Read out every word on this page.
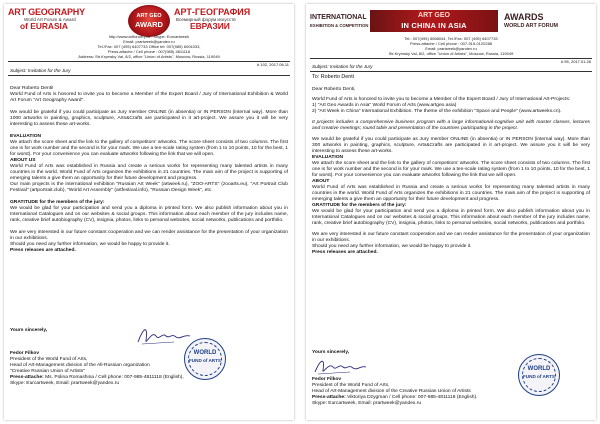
ART GEOGRAPHY
World Art Forum & Award
of EURASIA
ART GEO
AWARD
АРТ-ГЕОГРАФИЯ
Всемирный форум искусств
ЕВРАЗИИ
http://www.artforum.pro , Skype: Eurcartweek
Email: prartweek@yandex.ru
Tel./Fax: 007 (495) 6407733 Office tel: 007(985) 6004333,
Press-attache / Cell phone : 007(985) 4811118
Address: Str.Krymsky Val, 8/2, office "Union of Artists", Moscow, Russia, 119049
# 102, 2017.06.11
Subject: Invitation for the Jury

Dear Roberto Denti!

World Fund of Arts is honored to invite you to become a Member of the Expert Board / Jury of International Exhibition & World Art Forum "Art Geography Award".

We would be grateful if you could participate as Jury member ONLINE (in absentia) or IN PERSON (internal way). More than 1000 artworks in painting, graphics, sculpture, Arts&Crafts are participated in it art-project. We assure you it will be very interesting to assess these art-works.

EVALUATION

We attach the score sheet and the link to the gallery of competitors' artworks. The score sheet consists of two columns. The first one is for work number and the second is for your mark. We use a ten-scale rating system (from 1 to 10 points, 10 for the best, 1 for worst). For your convenience you can evaluate artworks following the link that we will open.

ABOUT US

World Fund of Arts was established in Russia and create a serious works for representing many talented artists in many countries in the world. World Fund of Arts organizes the exhibitions in 21 countries. The main aim of the project is supporting of emerging talents a give them an opportunity for their future development and progress.

Our main projects is the international exhibition "Russian Art Week" (artweek.ru), "ZOO-ARTS" (zooarts.eu), "Art Portrait Club Festival" (artportrait.club), "World Art Assembly" (artfestival.info), "Russian Design Week", etc.

GRATITUDE for the members of the jury:

We would be glad for your participation and send you a diploma in printed form. We also publish information about you in International Catalogues and on our websites & social groups. This information about each member of the jury includes name, rank, creative brief autobiography (CV), insignia, photos, links to personal websites, social networks, publications and portfolio.

We are very interested in our future constant cooperation and we can render assistance for the presentation of your organization in our exhibitions.

Should you need any further information, we would be happy to provide it.

Press releases are attached.

Yours sincerely,
WORLD
FUND of ARTS

Fedor Filkov

President of the World Fund of Arts,

Head of Art-Management division of the All-Russian organization

"Creative Russian Union of Artists"

Press-attache: Ms. Polina Romashina / Cell phone: 007-985-4811118 (English),

Skype: Eurcartweek, Email: prartweek@yandex.ru

INTERNATIONAL
EXHIBITION & COMPETITION
ART GEO
IN CHINA IN ASIA
AWARDS
WORLD ART FORUM
Tel.: 007(495) 5068044, Tel./Fax: 007 (495) 6407733
Press-attache / Cell phone : 007-915-0120288
Email: prartweek@yandex.ru
Str.Krymsky Val, 8/2, office "Union of Artists", Moscow, Russia, 119049
# 95, 2017.01.26
Subject: Invitation for the Jury

To: Roberto Denti

Dear Roberto Denti,

World Fund of Arts is honored to invite you to become a Member of the Expert Board / Jury of International Art-Projects:

1) "Art Geo Awards in Asia" World Forum of Arts (www.artgeo.asia)

2) "Art Week in China" International Exhibition. The theme of the exhibition "Space and People" (www.artweeks.cn).

It projects includes a comprehensive business program with a large informational-cognitive unit with master classes, lectures and creative meetings; round table and presentation of the countries participating in the project.

We would be grateful if you could participate as Jury member ONLINE (in absentia) or IN PERSON (internal way). More than 300 artworks in painting, graphics, sculpture, Arts&Crafts are participated in it art-project. We assure you it will be very interesting to assess these art-works.

EVALUATION

We attach the score sheet and the link to the gallery of competitors' artworks. The score sheet consists of two columns. The first one is for work number and the second is for your mark. We use a ten-scale rating system (from 1 to 10 points, 10 for the best, 1 for worst). For your convenience you can evaluate artworks following the link that we will open.

ABOUT

World Fund of Arts was established in Russia and create a serious works for representing many talented artists in many countries in the world. World Fund of Arts organizes the exhibitions in 21 countries. The main aim of the project is supporting of emerging talents a give them an opportunity for their future development and progress.

GRATITUDE for the members of the jury:

We would be glad for your participation and send you a diploma in printed form. We also publish information about you in International Catalogues and on our websites & social groups. This information about each member of the jury includes name, rank, creative brief autobiography (CV), insignia, photos, links to personal websites, social networks, publications and portfolio.

We are very interested in our future constant cooperation and we can render assistance for the presentation of your organization in our exhibitions.

Should you need any further information, we would be happy to provide it.

Press releases are attached.

Yours sincerely,
WORLD
FUND of ARTS

Fedor Filkov

President of the World Fund of Arts,

Head of Art-Management division of the Creative Russian Union of Artists

Press-attache: Viktoriya Dzygman / Cell phone: 007-985-4811118 (English).

Skype: Eurcartweek, Email: prartweek@yandex.ru
